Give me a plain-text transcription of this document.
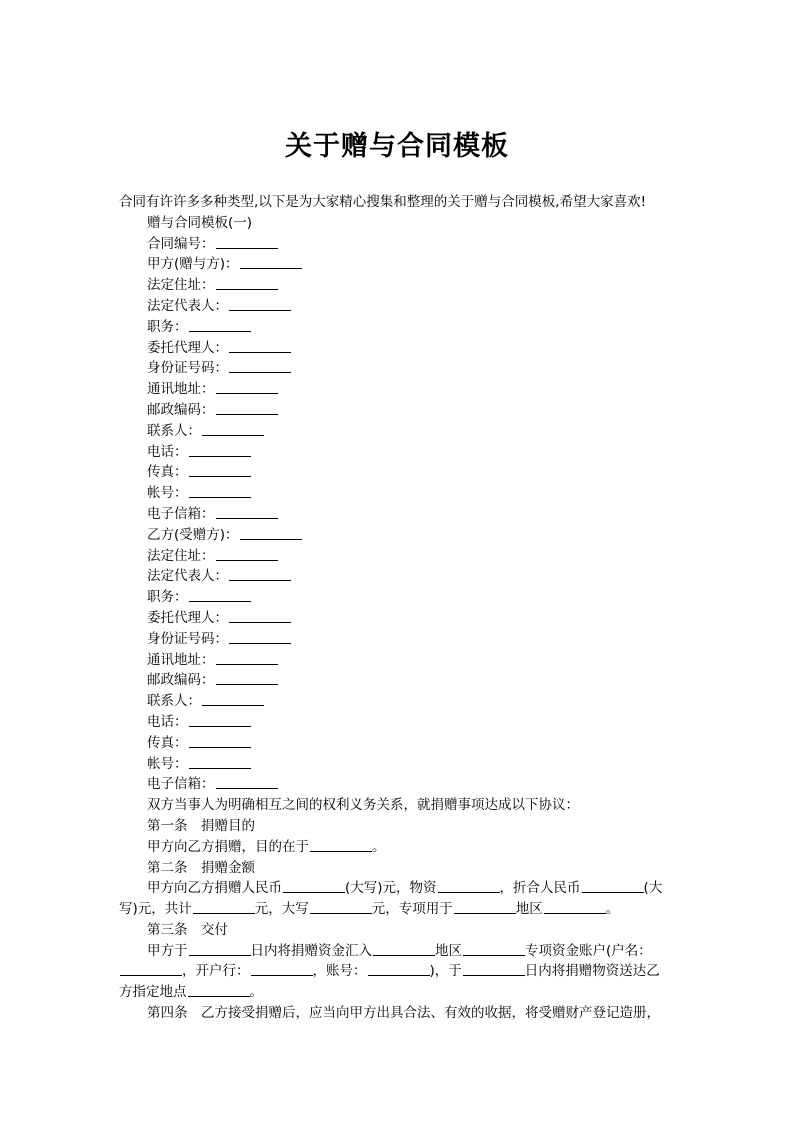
关于赠与合同模板
合同有许许多多种类型,以下是为大家精心搜集和整理的关于赠与合同模板,希望大家喜欢!
赠与合同模板(一)
合同编号：
甲方(赠与方)：
法定住址：
法定代表人：
职务：
委托代理人：
身份证号码：
通讯地址：
邮政编码：
联系人：
电话：
传真：
帐号：
电子信箱：
乙方(受赠方)：
法定住址：
法定代表人：
职务：
委托代理人：
身份证号码：
通讯地址：
邮政编码：
联系人：
电话：
传真：
帐号：
电子信箱：
双方当事人为明确相互之间的权利义务关系，就捐赠事项达成以下协议：
第一条　捐赠目的
甲方向乙方捐赠，目的在于	。
第二条　捐赠金额
甲方向乙方捐赠人民币	(大写)元，物资	，折合人民币	(大
写)元，共计	元，大写	元，专项用于	地区	。
第三条　交付
甲方于	日内将捐赠资金汇入	地区	专项资金账户(户名：
，开户行：	，账号：	)，于	日内将捐赠物资送达乙
方指定地点	。
第四条　乙方接受捐赠后，应当向甲方出具合法、有效的收据，将受赠财产登记造册，
